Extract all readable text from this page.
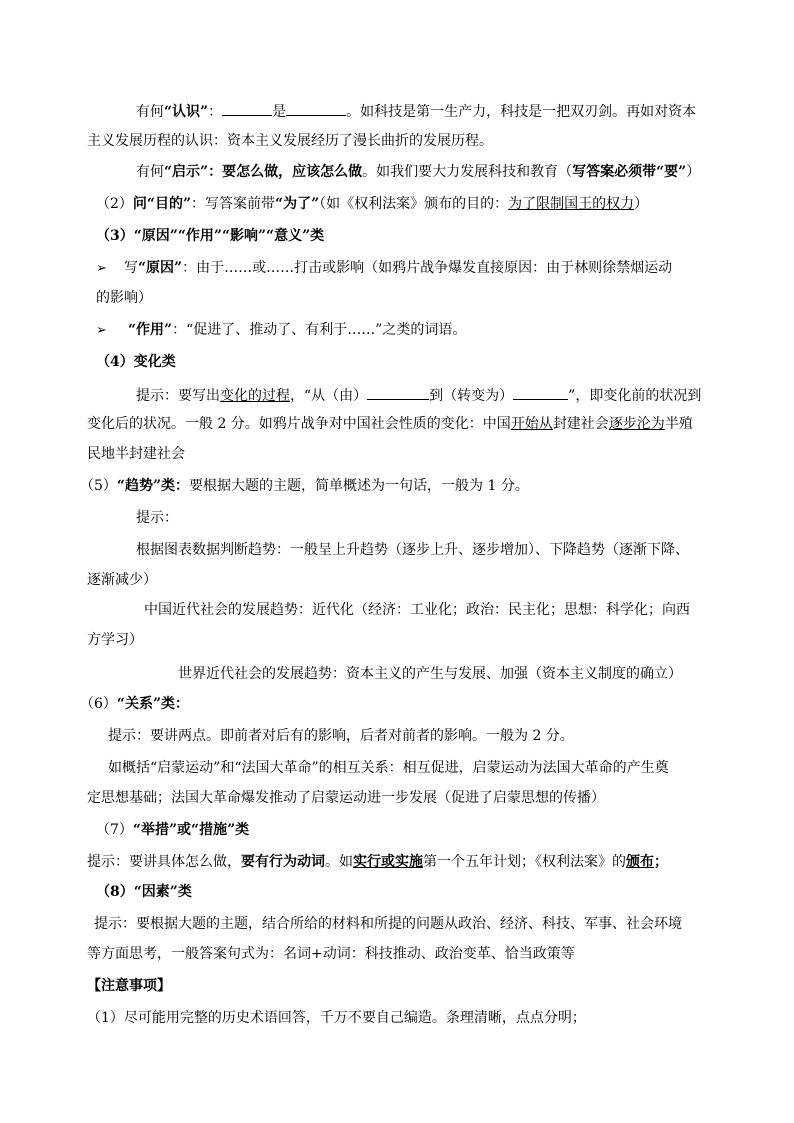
有何“认识”：	是	。如科技是第一生产力，科技是一把双刃剑。再如对资本
主义发展历程的认识：资本主义发展经历了漫长曲折的发展历程。
有何“启示”：要怎么做，应该怎么做。如我们要大力发展科技和教育（写答案必须带“要”）
（2）问“目的”：写答案前带“为了”（如《权利法案》颁布的目的：为了限制国王的权力）
（3）“原因”“作用”“影响”“意义”类
➢ 写“原因”：由于……或……打击或影响（如鸦片战争爆发直接原因：由于林则徐禁烟运动
的影响）
➢ “作用”：“促进了、推动了、有利于……”之类的词语。
（4）变化类
提示：要写出变化的过程，“从（由）	到（转变为）	”，即变化前的状况到
变化后的状况。一般 2 分。如鸦片战争对中国社会性质的变化：中国开始从封建社会逐步沦为半殖
民地半封建社会
（5）“趋势”类：要根据大题的主题，简单概述为一句话，一般为 1 分。
提示：
根据图表数据判断趋势：一般呈上升趋势（逐步上升、逐步增加）、下降趋势（逐渐下降、
逐渐减少）
中国近代社会的发展趋势：近代化（经济：工业化；政治：民主化；思想：科学化；向西
方学习）
世界近代社会的发展趋势：资本主义的产生与发展、加强（资本主义制度的确立）
（6）“关系”类：
提示：要讲两点。即前者对后有的影响，后者对前者的影响。一般为 2 分。
如概括“启蒙运动”和“法国大革命”的相互关系：相互促进，启蒙运动为法国大革命的产生奠
定思想基础；法国大革命爆发推动了启蒙运动进一步发展（促进了启蒙思想的传播）
（7）“举措”或“措施”类
提示：要讲具体怎么做，要有行为动词。如实行或实施第一个五年计划；《权利法案》的颁布；
（8）“因素”类
提示：要根据大题的主题，结合所给的材料和所提的问题从政治、经济、科技、军事、社会环境
等方面思考，一般答案句式为：名词+动词：科技推动、政治变革、恰当政策等
【注意事项】
（1）尽可能用完整的历史术语回答，千万不要自己编造。条理清晰，点点分明；
